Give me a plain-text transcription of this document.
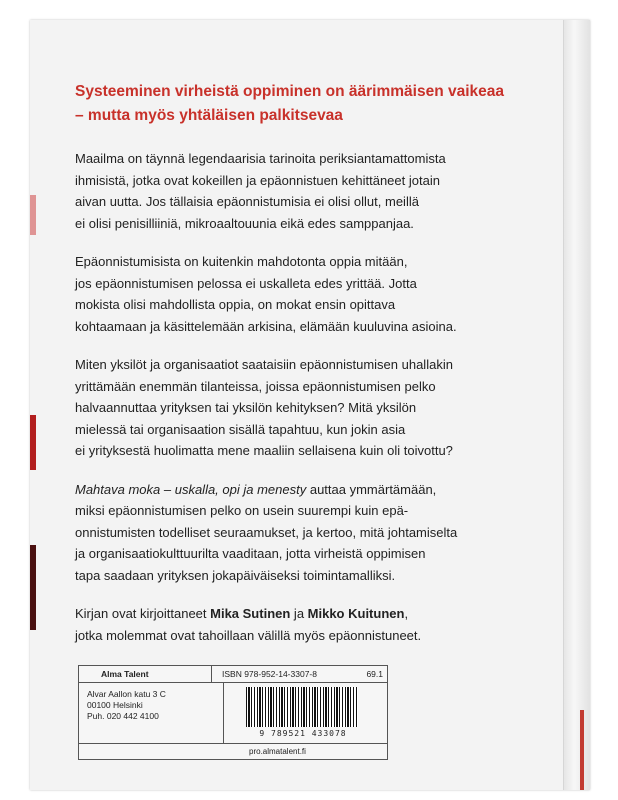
Systeeminen virheistä oppiminen on äärimmäisen vaikeaa – mutta myös yhtäläisen palkitsevaa

Maailma on täynnä legendaarisia tarinoita periksiantamattomista
ihmisistä, jotka ovat kokeillen ja epäonnistuen kehittäneet jotain
aivan uutta. Jos tällaisia epäonnistumisia ei olisi ollut, meillä
ei olisi penisilliiniä, mikroaaltouunia eikä edes samppanjaa.

Epäonnistumisista on kuitenkin mahdotonta oppia mitään,
jos epäonnistumisen pelossa ei uskalleta edes yrittää. Jotta
mokista olisi mahdollista oppia, on mokat ensin opittava
kohtaamaan ja käsittelemään arkisina, elämään kuuluvina asioina.

Miten yksilöt ja organisaatiot saataisiin epäonnistumisen uhallakin
yrittämään enemmän tilanteissa, joissa epäonnistumisen pelko
halvaannuttaa yrityksen tai yksilön kehityksen? Mitä yksilön
mielessä tai organisaation sisällä tapahtuu, kun jokin asia
ei yrityksestä huolimatta mene maaliin sellaisena kuin oli toivottu?

Mahtava moka – uskalla, opi ja menesty auttaa ymmärtämään,
miksi epäonnistumisen pelko on usein suurempi kuin epä-
onnistumisten todelliset seuraamukset, ja kertoo, mitä johtamiselta
ja organisaatiokulttuurilta vaaditaan, jotta virheistä oppimisen
tapa saadaan yrityksen jokapäiväiseksi toimintamalliksi.

Kirjan ovat kirjoittaneet Mika Sutinen ja Mikko Kuitunen,
jotka molemmat ovat tahoillaan välillä myös epäonnistuneet.

Alma Talent	ISBN 978-952-14-3307-8	69.1
Alvar Aallon katu 3 C
00100 Helsinki
Puh. 020 442 4100
9 789521 433078
pro.almatalent.fi
